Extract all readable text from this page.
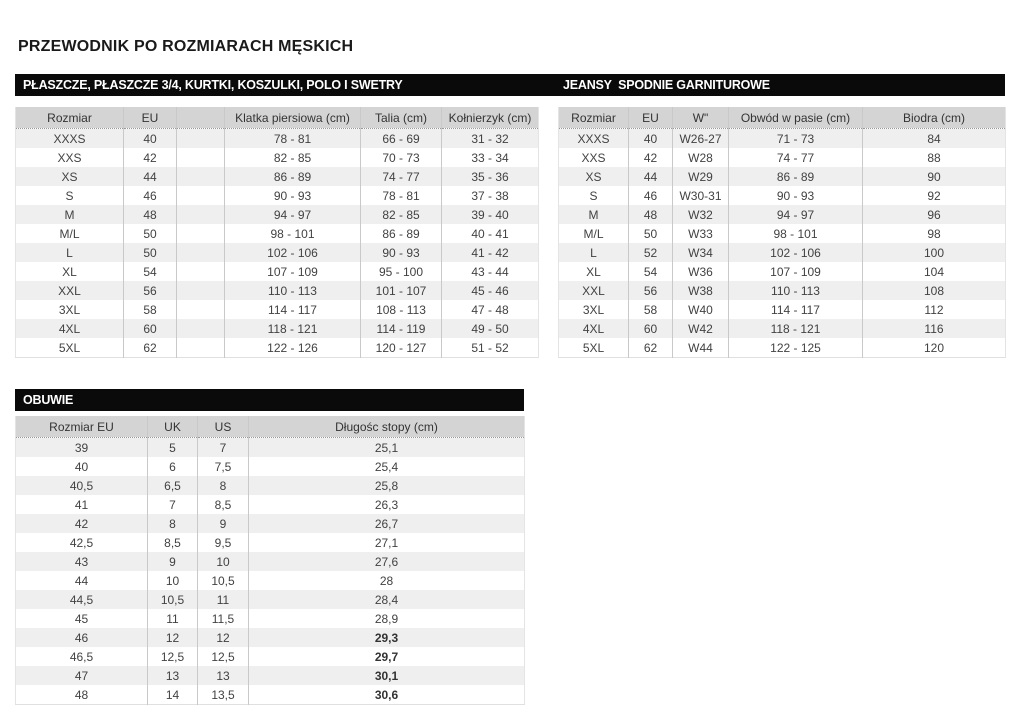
PRZEWODNIK PO ROZMIARACH MĘSKICH
PŁASZCZE, PŁASZCZE 3/4, KURTKI, KOSZULKI, POLO I SWETRY	JEANSY  SPODNIE GARNITUROWE
Rozmiar	EU		Klatka piersiowa (cm)	Talia (cm)	Kołnierzyk (cm)
XXXS	40		78 - 81	66 - 69	31 - 32
XXS	42		82 - 85	70 - 73	33 - 34
XS	44		86 - 89	74 - 77	35 - 36
S	46		90 - 93	78 - 81	37 - 38
M	48		94 - 97	82 - 85	39 - 40
M/L	50		98 - 101	86 - 89	40 - 41
L	50		102 - 106	90 - 93	41 - 42
XL	54		107 - 109	95 - 100	43 - 44
XXL	56		110 - 113	101 - 107	45 - 46
3XL	58		114 - 117	108 - 113	47 - 48
4XL	60		118 - 121	114 - 119	49 - 50
5XL	62		122 - 126	120 - 127	51 - 52
Rozmiar	EU	W"	Obwód w pasie (cm)	Biodra (cm)
XXXS	40	W26-27	71 - 73	84
XXS	42	W28	74 - 77	88
XS	44	W29	86 - 89	90
S	46	W30-31	90 - 93	92
M	48	W32	94 - 97	96
M/L	50	W33	98 - 101	98
L	52	W34	102 - 106	100
XL	54	W36	107 - 109	104
XXL	56	W38	110 - 113	108
3XL	58	W40	114 - 117	112
4XL	60	W42	118 - 121	116
5XL	62	W44	122 - 125	120
OBUWIE
Rozmiar EU	UK	US	Długośc stopy (cm)
39	5	7	25,1
40	6	7,5	25,4
40,5	6,5	8	25,8
41	7	8,5	26,3
42	8	9	26,7
42,5	8,5	9,5	27,1
43	9	10	27,6
44	10	10,5	28
44,5	10,5	11	28,4
45	11	11,5	28,9
46	12	12	29,3
46,5	12,5	12,5	29,7
47	13	13	30,1
48	14	13,5	30,6
